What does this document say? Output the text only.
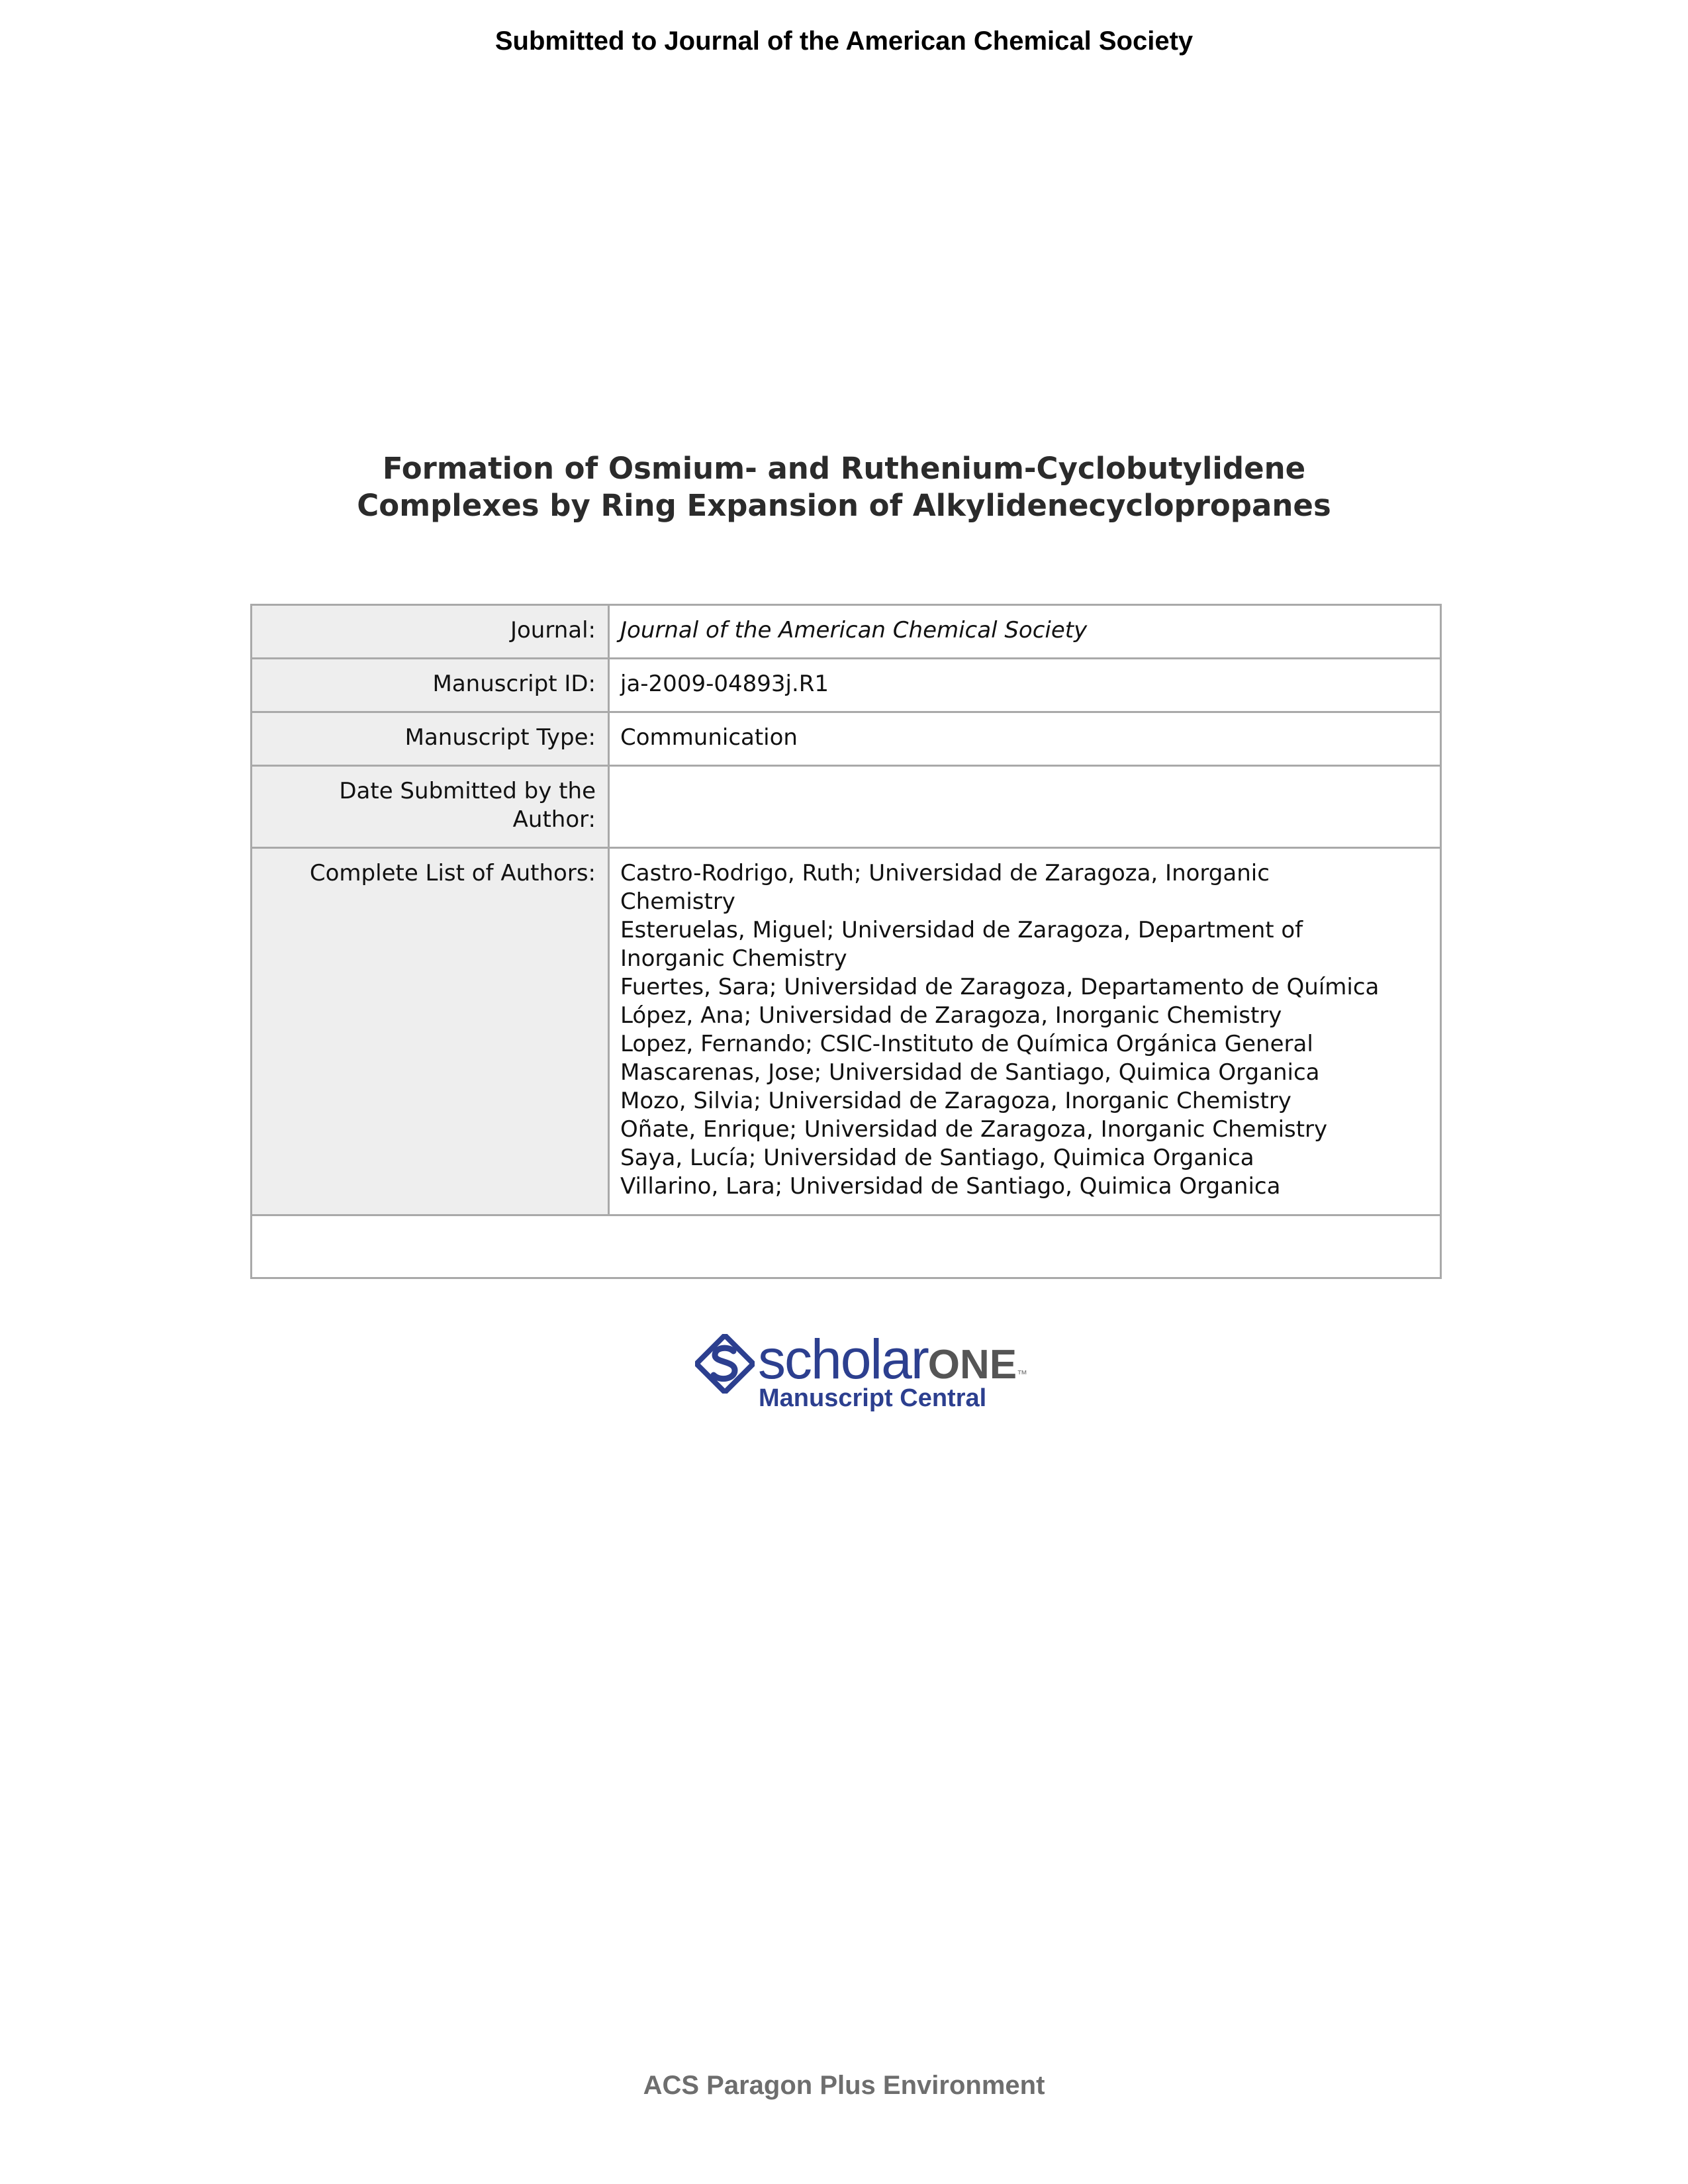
Submitted to Journal of the American Chemical Society
Formation of Osmium- and Ruthenium-Cyclobutylidene
Complexes by Ring Expansion of Alkylidenecyclopropanes
Journal:	Journal of the American Chemical Society
Manuscript ID:	ja-2009-04893j.R1
Manuscript Type:	Communication
Date Submitted by the
Author:
Complete List of Authors:	Castro-Rodrigo, Ruth; Universidad de Zaragoza, Inorganic
Chemistry
Esteruelas, Miguel; Universidad de Zaragoza, Department of
Inorganic Chemistry
Fuertes, Sara; Universidad de Zaragoza, Departamento de Química
López, Ana; Universidad de Zaragoza, Inorganic Chemistry
Lopez, Fernando; CSIC-Instituto de Química Orgánica General
Mascarenas, Jose; Universidad de Santiago, Quimica Organica
Mozo, Silvia; Universidad de Zaragoza, Inorganic Chemistry
Oñate, Enrique; Universidad de Zaragoza, Inorganic Chemistry
Saya, Lucía; Universidad de Santiago, Quimica Organica
Villarino, Lara; Universidad de Santiago, Quimica Organica
scholarONE™
Manuscript Central
ACS Paragon Plus Environment
